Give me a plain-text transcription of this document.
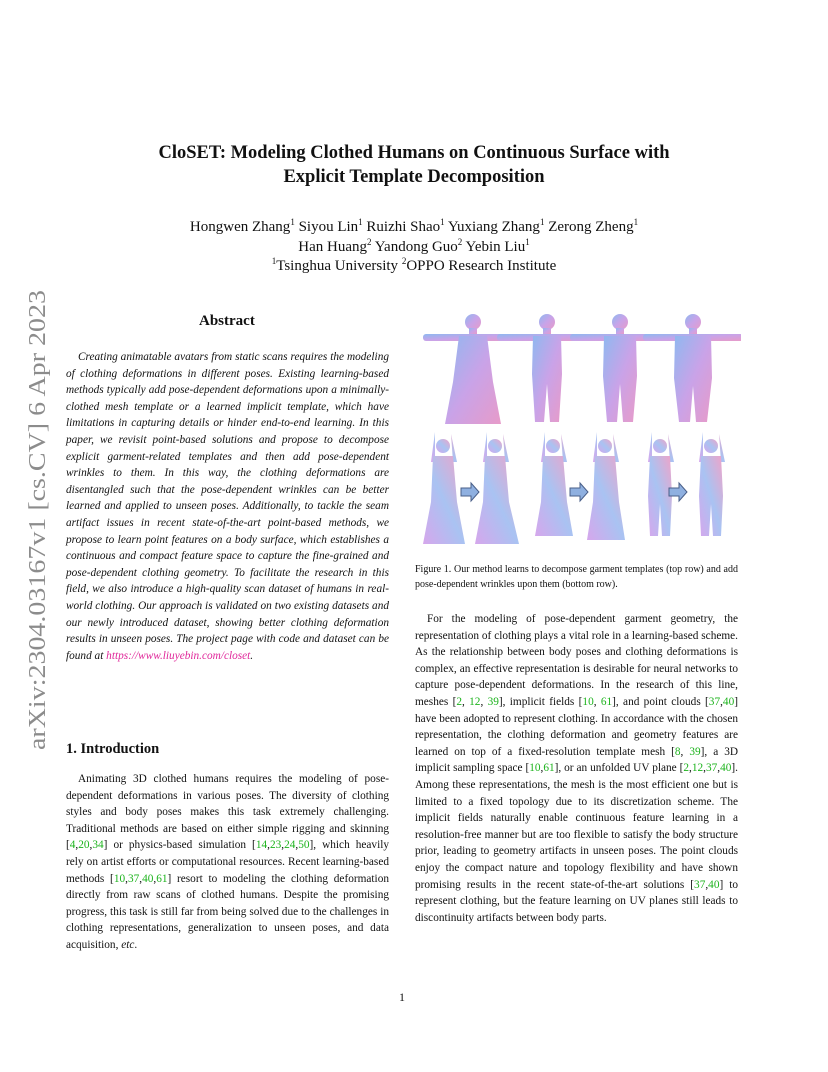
CloSET: Modeling Clothed Humans on Continuous Surface with
Explicit Template Decomposition
Hongwen Zhang$^1$ Siyou Lin$^1$ Ruizhi Shao$^1$ Yuxiang Zhang$^1$ Zerong Zheng$^1$
Han Huang$^2$ Yandong Guo$^2$ Yebin Liu$^1$
$^1$Tsinghua University $^2$OPPO Research Institute
arXiv:2304.03167v1 [cs.CV] 6 Apr 2023
Abstract
Creating animatable avatars from static scans requires the modeling of clothing deformations in different poses. Existing learning-based methods typically add pose-dependent deformations upon a minimally-clothed mesh template or a learned implicit template, which have limitations in capturing details or hinder end-to-end learning. In this paper, we revisit point-based solutions and propose to decompose explicit garment-related templates and then add pose-dependent wrinkles to them. In this way, the clothing deformations are disentangled such that the pose-dependent wrinkles can be better learned and applied to unseen poses. Additionally, to tackle the seam artifact issues in recent state-of-the-art point-based methods, we propose to learn point features on a body surface, which establishes a continuous and compact feature space to capture the fine-grained and pose-dependent clothing geometry. To facilitate the research in this field, we also introduce a high-quality scan dataset of humans in real-world clothing. Our approach is validated on two existing datasets and our newly introduced dataset, showing better clothing deformation results in unseen poses. The project page with code and dataset can be found at https://www.liuyebin.com/closet.
1. Introduction
Animating 3D clothed humans requires the modeling of pose-dependent deformations in various poses. The diversity of clothing styles and body poses makes this task extremely challenging. Traditional methods are based on either simple rigging and skinning [4,20,34] or physics-based simulation [14,23,24,50], which heavily rely on artist efforts or computational resources. Recent learning-based methods [10,37,40,61] resort to modeling the clothing deformation directly from raw scans of clothed humans. Despite the promising progress, this task is still far from being solved due to the challenges in clothing representations, generalization to unseen poses, and data acquisition, etc.
Figure 1. Our method learns to decompose garment templates (top row) and add pose-dependent wrinkles upon them (bottom row).
For the modeling of pose-dependent garment geometry, the representation of clothing plays a vital role in a learning-based scheme. As the relationship between body poses and clothing deformations is complex, an effective representation is desirable for neural networks to capture pose-dependent deformations. In the research of this line, meshes [2, 12, 39], implicit fields [10, 61], and point clouds [37,40] have been adopted to represent clothing. In accordance with the chosen representation, the clothing deformation and geometry features are learned on top of a fixed-resolution template mesh [8, 39], a 3D implicit sampling space [10,61], or an unfolded UV plane [2,12,37,40]. Among these representations, the mesh is the most efficient one but is limited to a fixed topology due to its discretization scheme. The implicit fields naturally enable continuous feature learning in a resolution-free manner but are too flexible to satisfy the body structure prior, leading to geometry artifacts in unseen poses. The point clouds enjoy the compact nature and topology flexibility and have shown promising results in the recent state-of-the-art solutions [37,40] to represent clothing, but the feature learning on UV planes still leads to discontinuity artifacts between body parts.
1
